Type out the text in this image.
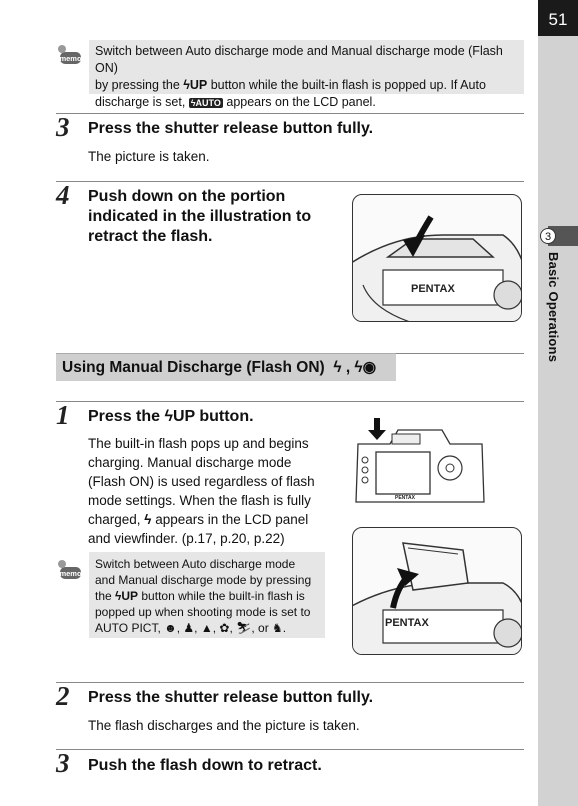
51
3
Basic Operations
memo
Switch between Auto discharge mode and Manual discharge mode (Flash ON)
by pressing the ϟUP button while the built-in flash is popped up. If Auto
discharge is set, ϟAUTO appears on the LCD panel.
3 Press the shutter release button fully.
The picture is taken.
4 Push down on the portion
indicated in the illustration to
retract the flash.
PENTAX
Using Manual Discharge (Flash ON) ϟ , ϟ◉
1 Press the ϟUP button.
The built-in flash pops up and begins
charging. Manual discharge mode
(Flash ON) is used regardless of flash
mode settings. When the flash is fully
charged, ϟ appears in the LCD panel
and viewfinder. (p.17, p.20, p.22)
PENTAX
PENTAX
memo
Switch between Auto discharge mode
and Manual discharge mode by pressing
the ϟUP button while the built-in flash is
popped up when shooting mode is set to
AUTO PICT, ☻, ♟, ▲, ✿, ⛷, or ♞.
2 Press the shutter release button fully.
The flash discharges and the picture is taken.
3 Push the flash down to retract.
